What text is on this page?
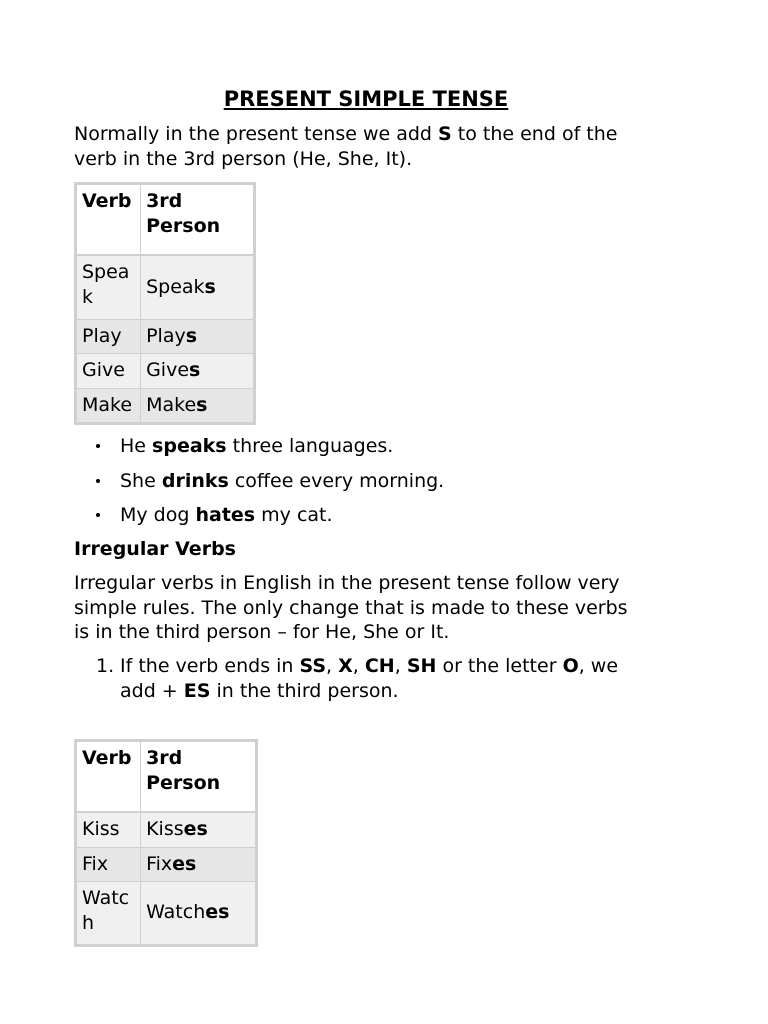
PRESENT SIMPLE TENSE

Normally in the present tense we add S to the end of the verb in the 3rd person (He, She, It).

Verb	3rd Person
Speak	Speaks
Play	Plays
Give	Gives
Make	Makes
He speaks three languages.
She drinks coffee every morning.
My dog hates my cat.

Irregular Verbs

Irregular verbs in English in the present tense follow very simple rules. The only change that is made to these verbs is in the third person – for He, She or It.

1. If the verb ends in SS, X, CH, SH or the letter O, we add + ES in the third person.
Verb	3rd Person
Kiss	Kisses
Fix	Fixes
Watch	Watches
